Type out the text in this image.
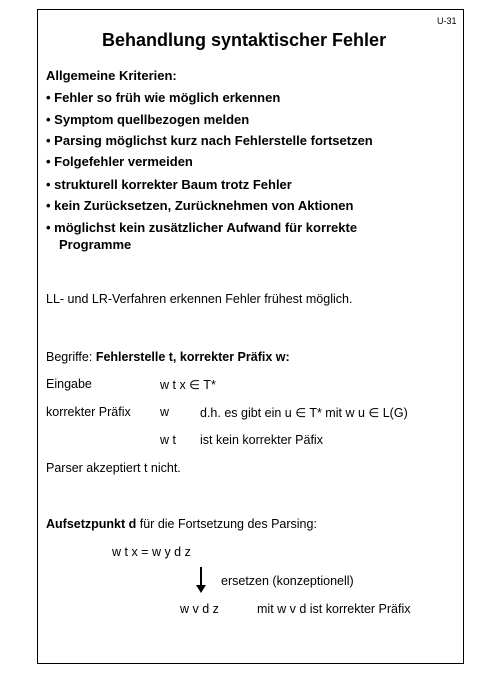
U-31
Behandlung syntaktischer Fehler
Allgemeine Kriterien:
• Fehler so früh wie möglich erkennen
• Symptom quellbezogen melden
• Parsing möglichst kurz nach Fehlerstelle fortsetzen
• Folgefehler vermeiden
• strukturell korrekter Baum trotz Fehler
• kein Zurücksetzen, Zurücknehmen von Aktionen
• möglichst kein zusätzlicher Aufwand für korrekte
Programme
LL- und LR-Verfahren erkennen Fehler frühest möglich.
Begriffe: Fehlerstelle t, korrekter Präfix w:
Eingabe	w t x ∈ T*
korrekter Präfix w d.h. es gibt ein u ∈ T* mit w u ∈ L(G)
w t ist kein korrekter Päfix
Parser akzeptiert t nicht.
Aufsetzpunkt d für die Fortsetzung des Parsing:
w t x = w y d z
ersetzen (konzeptionell)
w v d z	mit w v d ist korrekter Präfix
